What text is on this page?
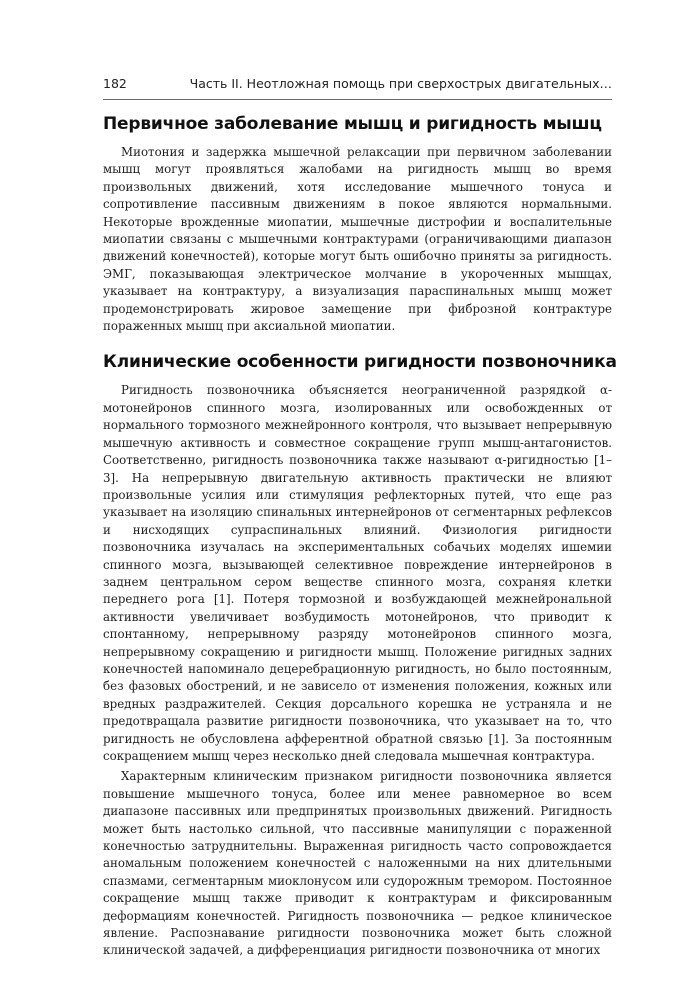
182	Часть II. Неотложная помощь при сверхострых двигательных…
Первичное заболевание мышц и ригидность мышц

Миотония и задержка мышечной релаксации при первичном заболевании мышц могут проявляться жалобами на ригидность мышц во время произвольных движений, хотя исследование мышечного тонуса и сопротивление пассивным движениям в покое являются нормальными. Некоторые врожденные миопатии, мышечные дистрофии и воспалительные миопатии связаны с мышечными контрактурами (ограничивающими диапазон движений конечностей), которые могут быть ошибочно приняты за ригидность. ЭМГ, показывающая электрическое молчание в укороченных мышцах, указывает на контрактуру, а визуализация параспинальных мышц может продемонстрировать жировое замещение при фиброзной контрактуре пораженных мышц при аксиальной миопатии.

Клинические особенности ригидности позвоночника

Ригидность позвоночника объясняется неограниченной разрядкой α-мотонейронов спинного мозга, изолированных или освобожденных от нормального тормозного межнейронного контроля, что вызывает непрерывную мышечную активность и совместное сокращение групп мышц-антагонистов. Соответственно, ригидность позвоночника также называют α-ригидностью [1–3]. На непрерывную двигательную активность практически не влияют произвольные усилия или стимуляция рефлекторных путей, что еще раз указывает на изоляцию спинальных интернейронов от сегментарных рефлексов и нисходящих супраспинальных влияний. Физиология ригидности позвоночника изучалась на экспериментальных собачьих моделях ишемии спинного мозга, вызывающей селективное повреждение интернейронов в заднем центральном сером веществе спинного мозга, сохраняя клетки переднего рога [1]. Потеря тормозной и возбуждающей межнейрональной активности увеличивает возбудимость мотонейронов, что приводит к спонтанному, непрерывному разряду мотонейронов спинного мозга, непрерывному сокращению и ригидности мышц. Положение ригидных задних конечностей напоминало децеребрационную ригидность, но было постоянным, без фазовых обострений, и не зависело от изменения положения, кожных или вредных раздражителей. Секция дорсального корешка не устраняла и не предотвращала развитие ригидности позвоночника, что указывает на то, что ригидность не обусловлена афферентной обратной связью [1]. За постоянным сокращением мышц через несколько дней следовала мышечная контрактура.

Характерным клиническим признаком ригидности позвоночника является повышение мышечного тонуса, более или менее равномерное во всем диапазоне пассивных или предпринятых произвольных движений. Ригидность может быть настолько сильной, что пассивные манипуляции с пораженной конечностью затруднительны. Выраженная ригидность часто сопровождается аномальным положением конечностей с наложенными на них длительными спазмами, сегментарным миоклонусом или судорожным тремором. Постоянное сокращение мышц также приводит к контрактурам и фиксированным деформациям конечностей. Ригидность позвоночника — редкое клиническое явление. Распознавание ригидности позвоночника может быть сложной клинической задачей, а дифференциация ригидности позвоночника от многих
